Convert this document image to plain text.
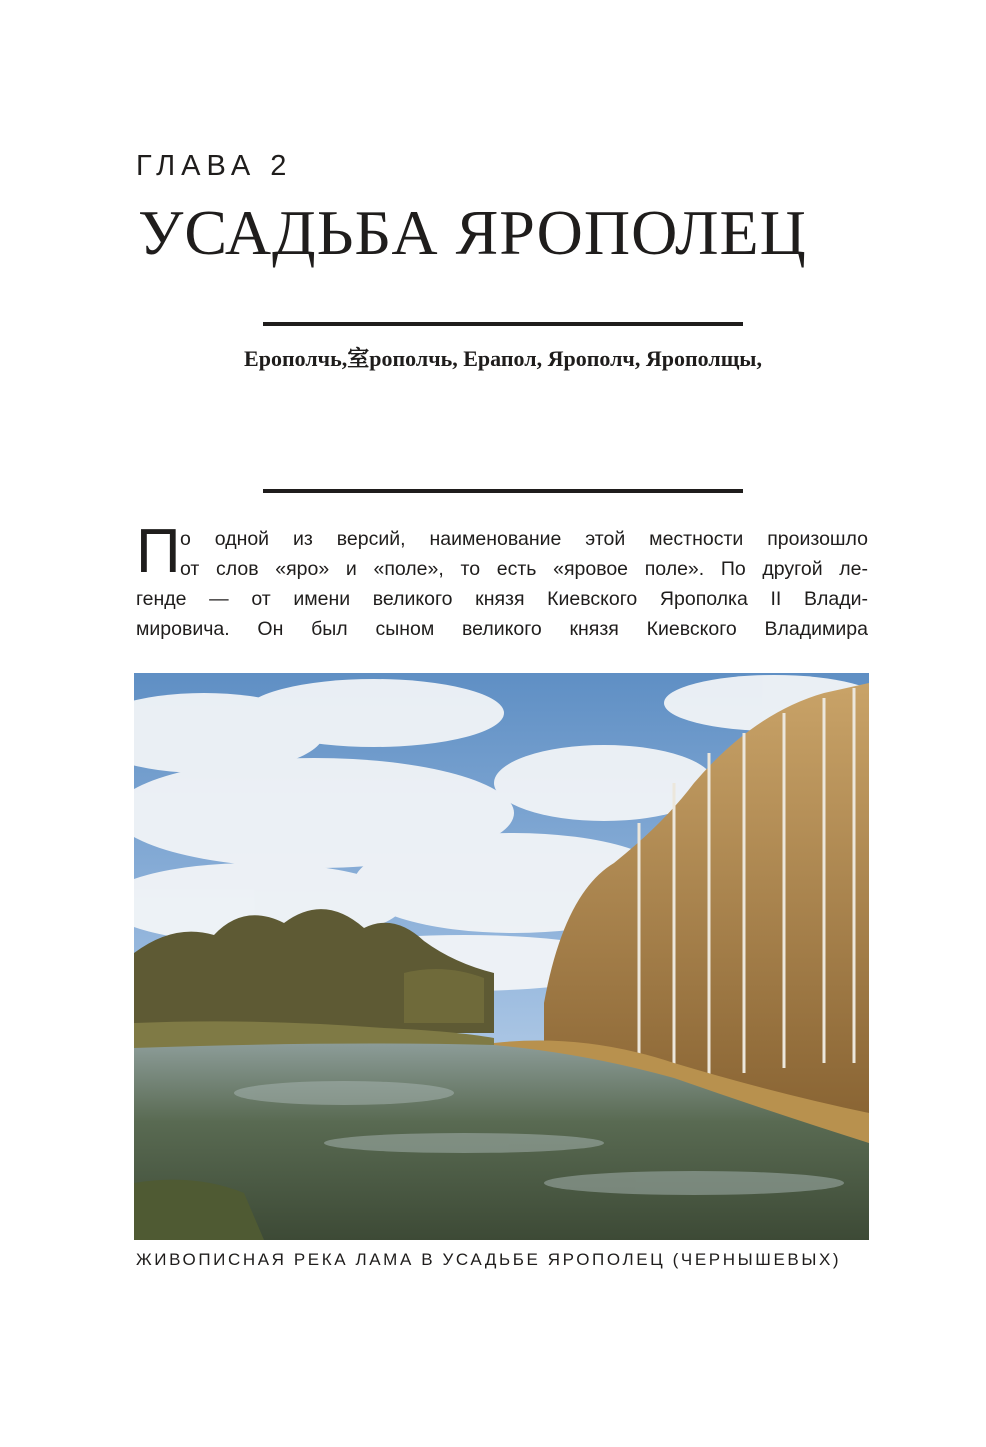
ГЛАВА 2
УСАДЬБА ЯРОПОЛЕЦ
Ерополчь,室рополчь, Ерапол, Ярополч, Ярополщы,
П о одной из версий, наименование этой местности произошло
от слов «яро» и «поле», то есть «яровое поле». По другой ле-
генде — от имени великого князя Киевского Ярополка II Влади-
мировича. Он был сыном великого князя Киевского Владимира
ЖИВОПИСНАЯ РЕКА ЛАМА В УСАДЬБЕ ЯРОПОЛЕЦ (ЧЕРНЫШЕВЫХ)
